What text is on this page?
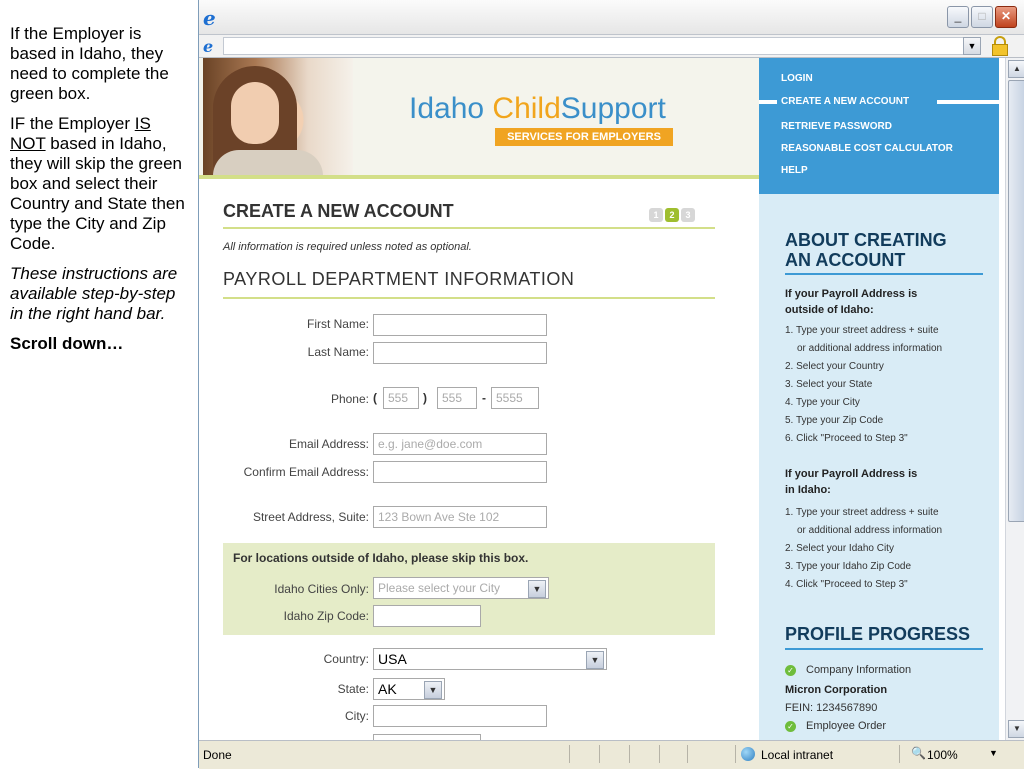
If the Employer is based in Idaho, they need to complete the green box.

IF the Employer IS NOT based in Idaho, they will skip the green box and select their Country and State then type the City and Zip Code.

These instructions are available step-by-step in the right hand bar.

Scroll down…

e	_	□	✕
e	▼
Idaho ChildSupport
SERVICES FOR EMPLOYERS
LOGIN
CREATE A NEW ACCOUNT
RETRIEVE PASSWORD
REASONABLE COST CALCULATOR
HELP
CREATE A NEW ACCOUNT	1 2 3
All information is required unless noted as optional.
PAYROLL DEPARTMENT INFORMATION
First Name:
Last Name:
Phone: ( 555	)	555	- 5555
Email Address: e.g. jane@doe.com
Confirm Email Address:
Street Address, Suite: 123 Bown Ave Ste 102
For locations outside of Idaho, please skip this box.
Idaho Cities Only: Please select your City	▼
Idaho Zip Code:
Country: USA	▼
State: AK	▼
City:
ABOUT CREATING
AN ACCOUNT
If your Payroll Address is
outside of Idaho:
1. Type your street address + suite
or additional address information
2. Select your Country
3. Select your State
4. Type your City
5. Type your Zip Code
6. Click "Proceed to Step 3"
If your Payroll Address is
in Idaho:
1. Type your street address + suite
or additional address information
2. Select your Idaho City
3. Type your Idaho Zip Code
4. Click "Proceed to Step 3"
PROFILE PROGRESS
✓ Company Information
Micron Corporation
FEIN: 1234567890
✓ Employee Order
▲
▼
Done	Local intranet	🔍 100%	▼
